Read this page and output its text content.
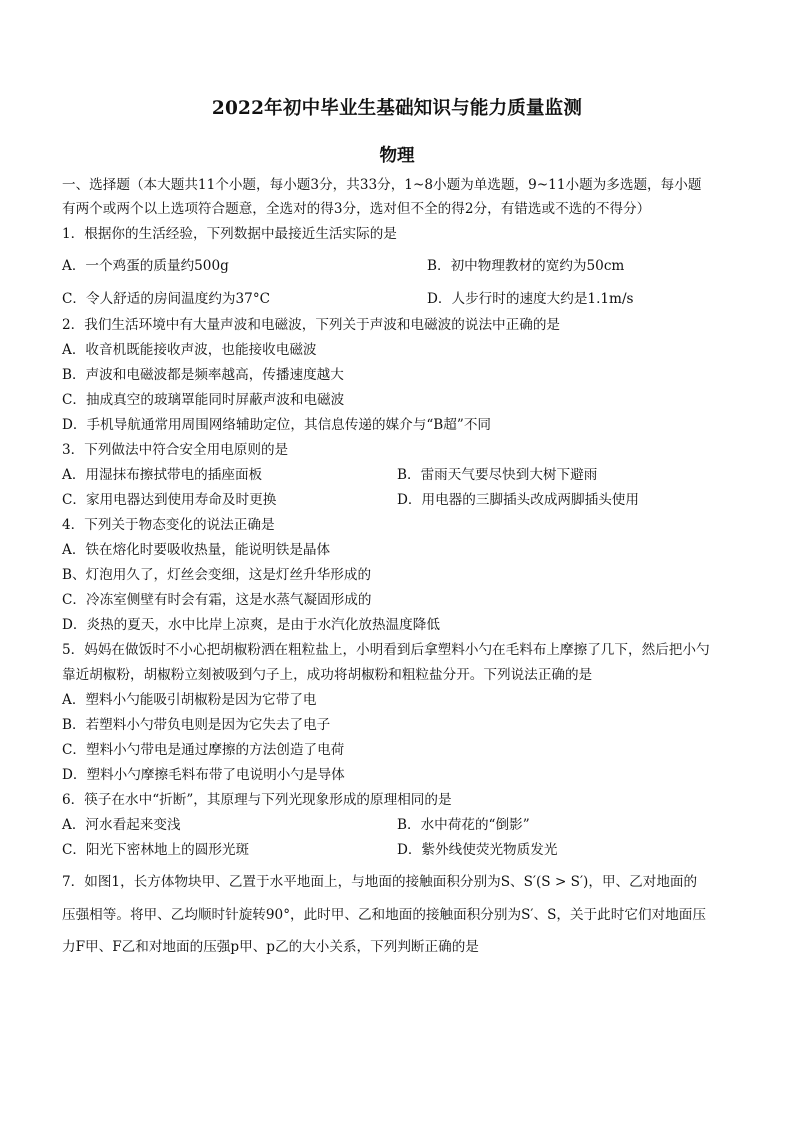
2022年初中毕业生基础知识与能力质量监测
物理
一、选择题（本大题共11个小题，每小题3分，共33分，1~8小题为单选题，9~11小题为多选题，每小题
有两个或两个以上选项符合题意，全选对的得3分，选对但不全的得2分，有错选或不选的不得分）
1．根据你的生活经验，下列数据中最接近生活实际的是
A．一个鸡蛋的质量约500g	B．初中物理教材的宽约为50cm
C．令人舒适的房间温度约为37°C	D．人步行时的速度大约是1.1m/s
2．我们生活环境中有大量声波和电磁波，下列关于声波和电磁波的说法中正确的是
A．收音机既能接收声波，也能接收电磁波
B．声波和电磁波都是频率越高，传播速度越大
C．抽成真空的玻璃罩能同时屏蔽声波和电磁波
D．手机导航通常用周围网络辅助定位，其信息传递的媒介与“B超”不同
3．下列做法中符合安全用电原则的是
A．用湿抹布擦拭带电的插座面板	B．雷雨天气要尽快到大树下避雨
C．家用电器达到使用寿命及时更换	D．用电器的三脚插头改成两脚插头使用
4．下列关于物态变化的说法正确是
A．铁在熔化时要吸收热量，能说明铁是晶体
B、灯泡用久了，灯丝会变细，这是灯丝升华形成的
C．冷冻室侧壁有时会有霜，这是水蒸气凝固形成的
D．炎热的夏天，水中比岸上凉爽，是由于水汽化放热温度降低
5．妈妈在做饭时不小心把胡椒粉洒在粗粒盐上，小明看到后拿塑料小勺在毛料布上摩擦了几下，然后把小勺
靠近胡椒粉，胡椒粉立刻被吸到勺子上，成功将胡椒粉和粗粒盐分开。下列说法正确的是
A．塑料小勺能吸引胡椒粉是因为它带了电
B．若塑料小勺带负电则是因为它失去了电子
C．塑料小勺带电是通过摩擦的方法创造了电荷
D．塑料小勺摩擦毛料布带了电说明小勺是导体
6．筷子在水中“折断”，其原理与下列光现象形成的原理相同的是
A．河水看起来变浅	B．水中荷花的“倒影”
C．阳光下密林地上的圆形光斑	D．紫外线使荧光物质发光
7．如图1，长方体物块甲、乙置于水平地面上，与地面的接触面积分别为S、S′(S > S′)，甲、乙对地面的
压强相等。将甲、乙均顺时针旋转90°，此时甲、乙和地面的接触面积分别为S′、S，关于此时它们对地面压
力F甲、F乙和对地面的压强p甲、p乙的大小关系，下列判断正确的是
